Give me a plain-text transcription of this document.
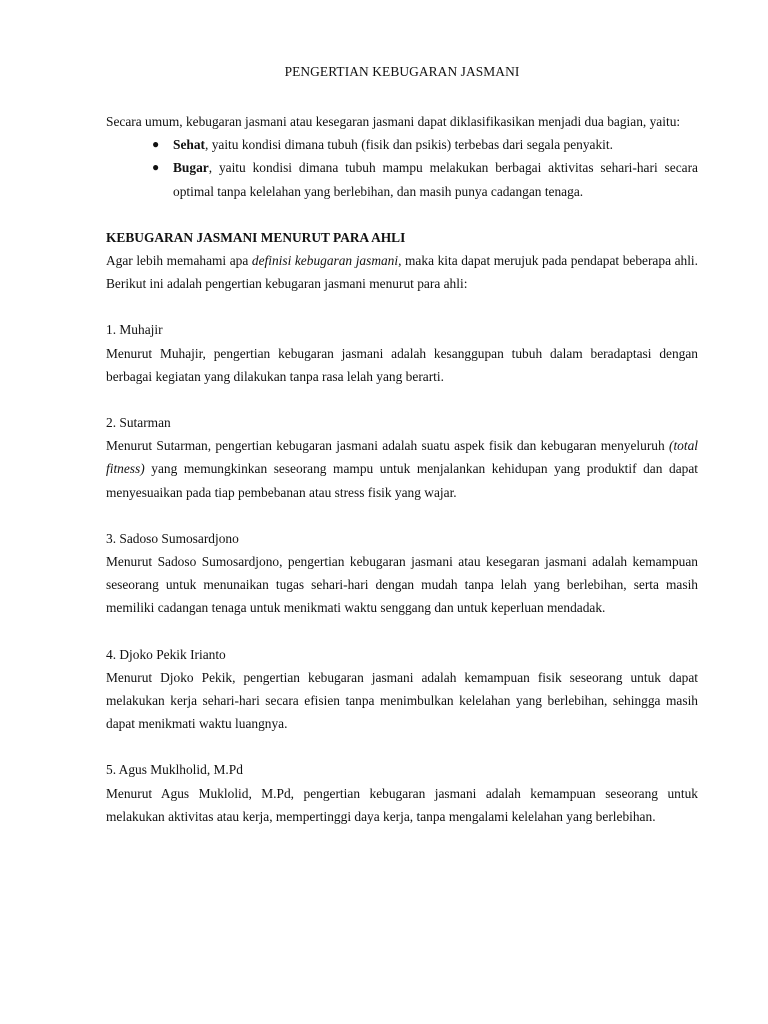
PENGERTIAN KEBUGARAN JASMANI

Secara umum, kebugaran jasmani atau kesegaran jasmani dapat diklasifikasikan menjadi dua bagian, yaitu:

● Sehat, yaitu kondisi dimana tubuh (fisik dan psikis) terbebas dari segala penyakit.
● Bugar, yaitu kondisi dimana tubuh mampu melakukan berbagai aktivitas sehari-hari secara optimal tanpa kelelahan yang berlebihan, dan masih punya cadangan tenaga.
KEBUGARAN JASMANI MENURUT PARA AHLI

Agar lebih memahami apa definisi kebugaran jasmani, maka kita dapat merujuk pada pendapat beberapa ahli. Berikut ini adalah pengertian kebugaran jasmani menurut para ahli:

1. Muhajir

Menurut Muhajir, pengertian kebugaran jasmani adalah kesanggupan tubuh dalam beradaptasi dengan berbagai kegiatan yang dilakukan tanpa rasa lelah yang berarti.

2. Sutarman

Menurut Sutarman, pengertian kebugaran jasmani adalah suatu aspek fisik dan kebugaran menyeluruh (total fitness) yang memungkinkan seseorang mampu untuk menjalankan kehidupan yang produktif dan dapat menyesuaikan pada tiap pembebanan atau stress fisik yang wajar.

3. Sadoso Sumosardjono

Menurut Sadoso Sumosardjono, pengertian kebugaran jasmani atau kesegaran jasmani adalah kemampuan seseorang untuk menunaikan tugas sehari-hari dengan mudah tanpa lelah yang berlebihan, serta masih memiliki cadangan tenaga untuk menikmati waktu senggang dan untuk keperluan mendadak.

4. Djoko Pekik Irianto

Menurut Djoko Pekik, pengertian kebugaran jasmani adalah kemampuan fisik seseorang untuk dapat melakukan kerja sehari-hari secara efisien tanpa menimbulkan kelelahan yang berlebihan, sehingga masih dapat menikmati waktu luangnya.

5. Agus Muklholid, M.Pd

Menurut Agus Muklolid, M.Pd, pengertian kebugaran jasmani adalah kemampuan seseorang untuk melakukan aktivitas atau kerja, mempertinggi daya kerja, tanpa mengalami kelelahan yang berlebihan.
